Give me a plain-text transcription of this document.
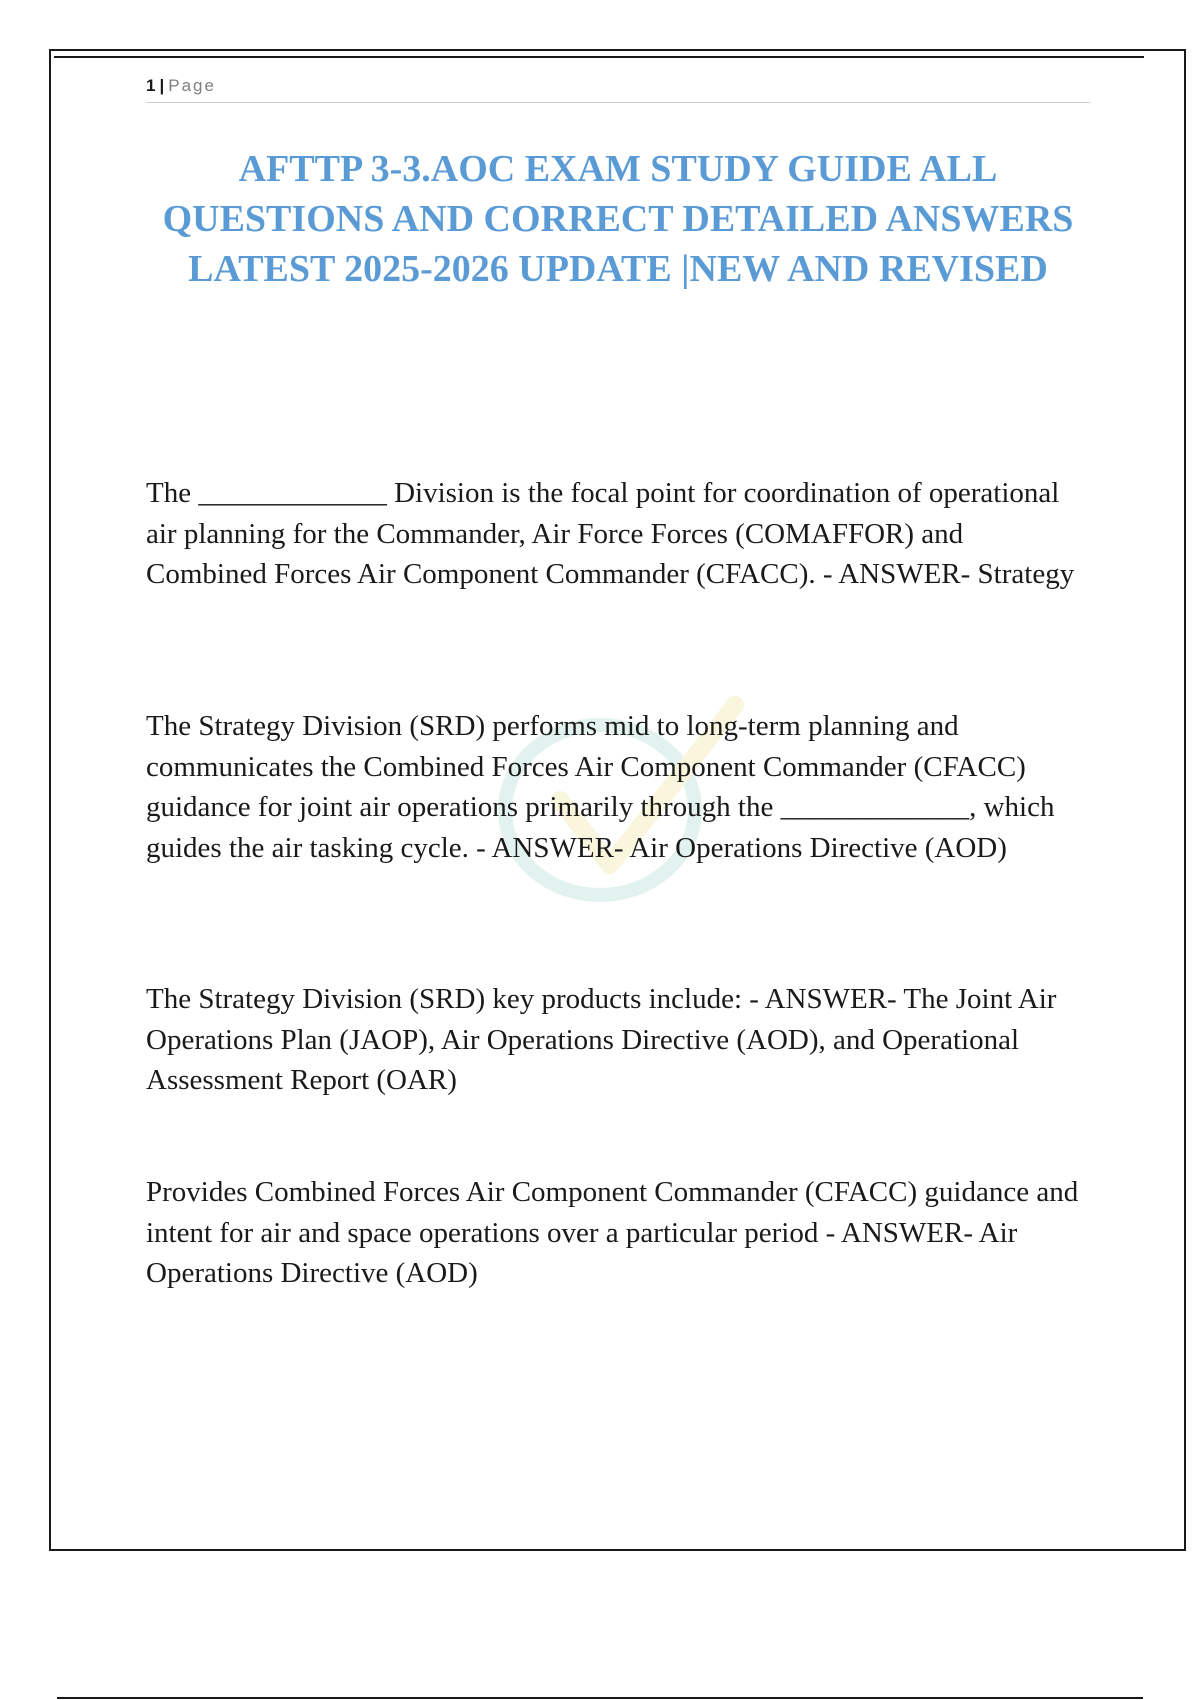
1 | Page
AFTTP 3-3.AOC EXAM STUDY GUIDE ALL QUESTIONS AND CORRECT DETAILED ANSWERS LATEST 2025-2026 UPDATE |NEW AND REVISED

The _____________ Division is the focal point for coordination of operational air planning for the Commander, Air Force Forces (COMAFFOR) and Combined Forces Air Component Commander (CFACC). - ANSWER- Strategy

The Strategy Division (SRD) performs mid to long-term planning and communicates the Combined Forces Air Component Commander (CFACC) guidance for joint air operations primarily through the _____________, which guides the air tasking cycle. - ANSWER- Air Operations Directive (AOD)

The Strategy Division (SRD) key products include: - ANSWER- The Joint Air Operations Plan (JAOP), Air Operations Directive (AOD), and Operational Assessment Report (OAR)

Provides Combined Forces Air Component Commander (CFACC) guidance and intent for air and space operations over a particular period - ANSWER- Air Operations Directive (AOD)
